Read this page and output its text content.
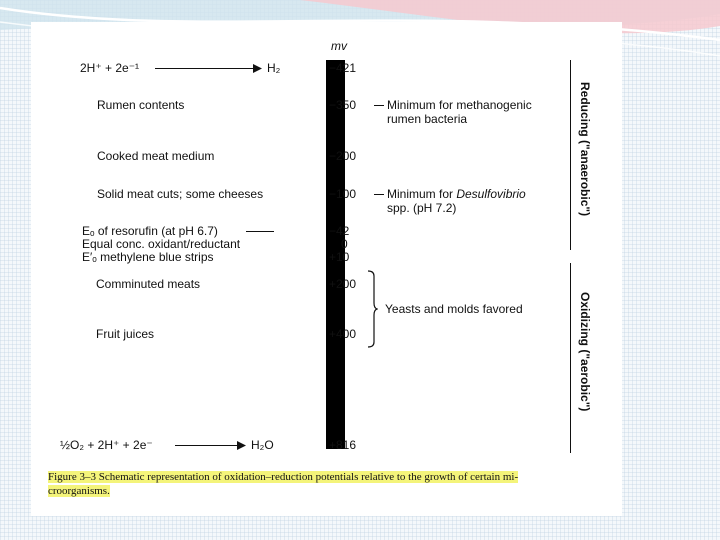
mv
2H⁺ + 2e⁻¹	H₂	−421
Rumen contents	−350	Minimum for methanogenic
rumen bacteria
Cooked meat medium	−200
Solid meat cuts; some cheeses	−100	Minimum for Desulfovibrio
spp. (pH 7.2)
Eₒ of resorufin (at pH 6.7)	−42
Equal conc. oxidant/reductant	0
E′ₒ methylene blue strips	+10
Comminuted meats	+200
Yeasts and molds favored
Fruit juices	+400
½O₂ + 2H⁺ + 2e⁻	H₂O	+816
Reducing ("anaerobic")
Oxidizing ("aerobic")
Figure 3–3 Schematic representation of oxidation–reduction potentials relative to the growth of certain mi-
croorganisms.
